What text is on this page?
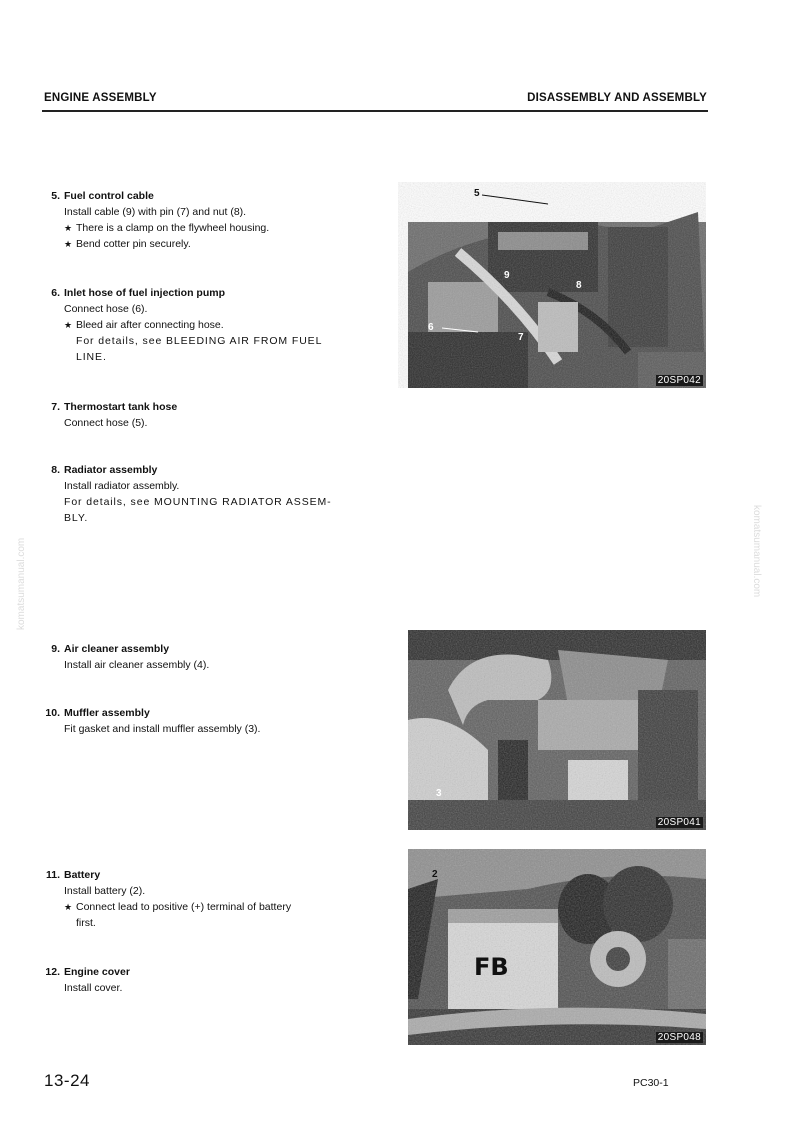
ENGINE ASSEMBLY	DISASSEMBLY AND ASSEMBLY
komatsumanual.com	komatsumanual.com
5. Fuel control cable
Install cable (9) with pin (7) and nut (8).
★ There is a clamp on the flywheel housing.
★ Bend cotter pin securely.
6. Inlet hose of fuel injection pump
Connect hose (6).
★ Bleed air after connecting hose.
For details, see BLEEDING AIR FROM FUEL
LINE.
7. Thermostart tank hose
Connect hose (5).
8. Radiator assembly
Install radiator assembly.
For details, see MOUNTING RADIATOR ASSEM-
BLY.
9. Air cleaner assembly
Install air cleaner assembly (4).
10. Muffler assembly
Fit gasket and install muffler assembly (3).
11. Battery
Install battery (2).
★ Connect lead to positive (+) terminal of battery
first.
12. Engine cover
Install cover.
5
9
8
6
7
20SP042
3
20SP041
FB
2
20SP048
13-24	PC30-1
